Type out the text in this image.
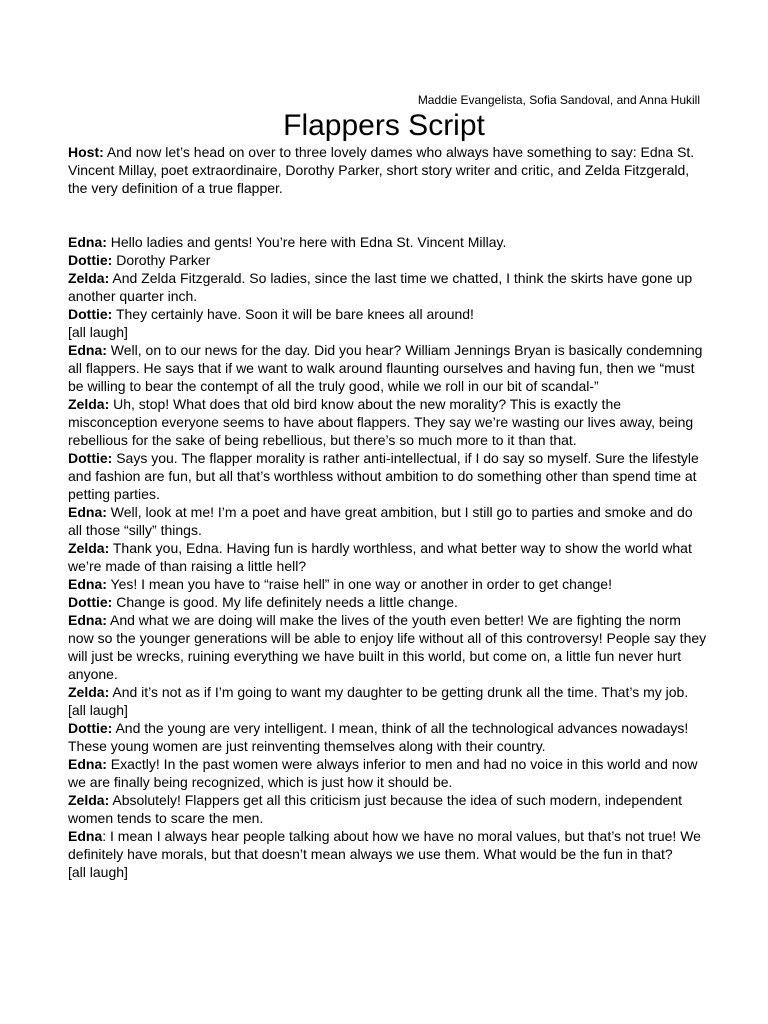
Maddie Evangelista, Sofia Sandoval, and Anna Hukill
Flappers Script

Host: And now let’s head on over to three lovely dames who always have something to say: Edna St. Vincent Millay, poet extraordinaire, Dorothy Parker, short story writer and critic, and Zelda Fitzgerald, the very definition of a true flapper.

Edna: Hello ladies and gents! You’re here with Edna St. Vincent Millay.

Dottie: Dorothy Parker

Zelda: And Zelda Fitzgerald. So ladies, since the last time we chatted, I think the skirts have gone up another quarter inch.

Dottie: They certainly have. Soon it will be bare knees all around!

[all laugh]

Edna: Well, on to our news for the day. Did you hear? William Jennings Bryan is basically condemning all flappers. He says that if we want to walk around flaunting ourselves and having fun, then we “must be willing to bear the contempt of all the truly good, while we roll in our bit of scandal-”

Zelda: Uh, stop! What does that old bird know about the new morality? This is exactly the misconception everyone seems to have about flappers. They say we’re wasting our lives away, being rebellious for the sake of being rebellious, but there’s so much more to it than that.

Dottie: Says you. The flapper morality is rather anti-intellectual, if I do say so myself. Sure the lifestyle and fashion are fun, but all that’s worthless without ambition to do something other than spend time at petting parties.

Edna: Well, look at me! I’m a poet and have great ambition, but I still go to parties and smoke and do all those “silly” things.

Zelda: Thank you, Edna. Having fun is hardly worthless, and what better way to show the world what we’re made of than raising a little hell?

Edna: Yes! I mean you have to “raise hell” in one way or another in order to get change!

Dottie: Change is good. My life definitely needs a little change.

Edna: And what we are doing will make the lives of the youth even better! We are fighting the norm now so the younger generations will be able to enjoy life without all of this controversy! People say they will just be wrecks, ruining everything we have built in this world, but come on, a little fun never hurt anyone.

Zelda: And it’s not as if I’m going to want my daughter to be getting drunk all the time. That’s my job.

[all laugh]

Dottie: And the young are very intelligent. I mean, think of all the technological advances nowadays! These young women are just reinventing themselves along with their country.

Edna: Exactly! In the past women were always inferior to men and had no voice in this world and now we are finally being recognized, which is just how it should be.

Zelda: Absolutely! Flappers get all this criticism just because the idea of such modern, independent women tends to scare the men.

Edna: I mean I always hear people talking about how we have no moral values, but that’s not true! We definitely have morals, but that doesn’t mean always we use them. What would be the fun in that?

[all laugh]
